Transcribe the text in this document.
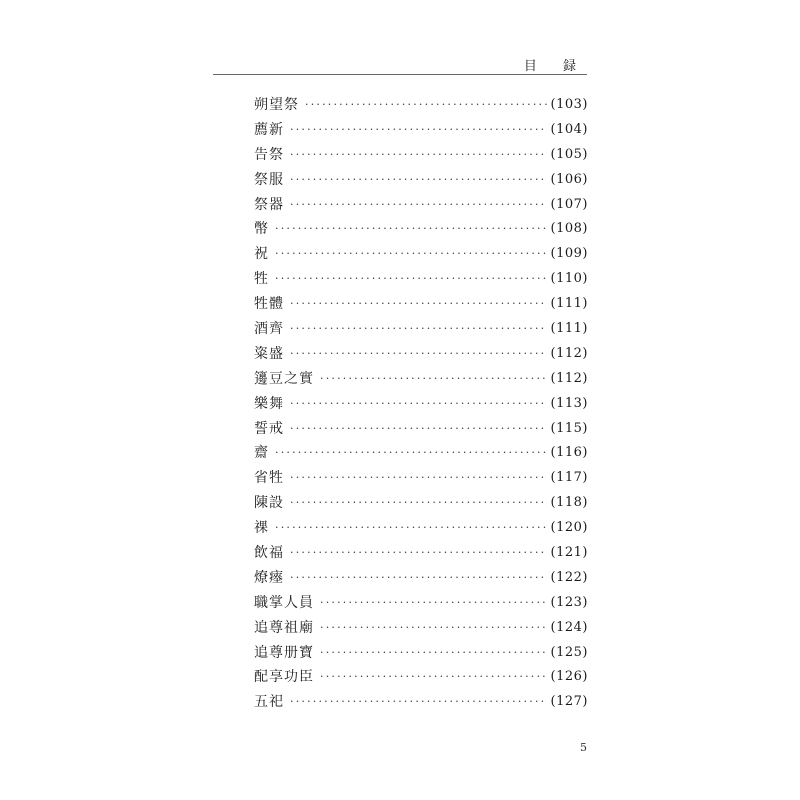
目 録
朔望祭 ·····	(103)
薦新 ·····	(104)
告祭 ·····	(105)
祭服 ·····	(106)
祭器 ·····	(107)
幣 ·····	(108)
祝 ·····	(109)
牲 ·····	(110)
牲體 ·····	(111)
酒齊 ·····	(111)
粢盛 ·····	(112)
籩豆之實 ·····	(112)
樂舞 ·····	(113)
誓戒 ·····	(115)
齋 ·····	(116)
省牲 ·····	(117)
陳設 ·····	(118)
祼 ·····	(120)
飲福 ·····	(121)
燎瘞 ·····	(122)
職掌人員 ·····	(123)
追尊祖廟 ·····	(124)
追尊册寶 ·····	(125)
配享功臣 ·····	(126)
五祀 ·····	(127)
5
